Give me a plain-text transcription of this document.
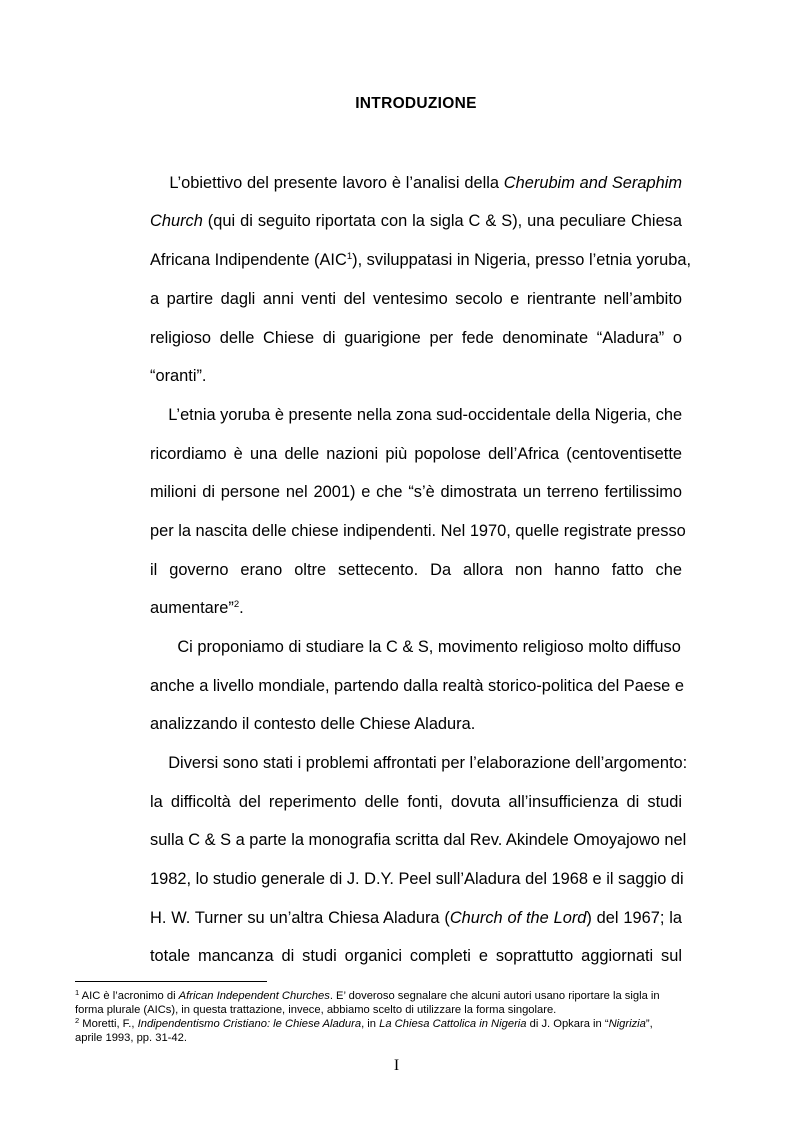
INTRODUZIONE
L’obiettivo del presente lavoro è l’analisi della Cherubim and Seraphim
Church (qui di seguito riportata con la sigla C & S), una peculiare Chiesa
Africana Indipendente (AIC$^1$), sviluppatasi in Nigeria, presso l’etnia yoruba,
a partire dagli anni venti del ventesimo secolo e rientrante nell’ambito
religioso delle Chiese di guarigione per fede denominate “Aladura” o
“oranti”.
L’etnia yoruba è presente nella zona sud-occidentale della Nigeria, che
ricordiamo è una delle nazioni più popolose dell’Africa (centoventisette
milioni di persone nel 2001) e che “s’è dimostrata un terreno fertilissimo
per la nascita delle chiese indipendenti. Nel 1970, quelle registrate presso
il governo erano oltre settecento. Da allora non hanno fatto che
aumentare”$^2$.
Ci proponiamo di studiare la C & S, movimento religioso molto diffuso
anche a livello mondiale, partendo dalla realtà storico-politica del Paese e
analizzando il contesto delle Chiese Aladura.
Diversi sono stati i problemi affrontati per l’elaborazione dell’argomento:
la difficoltà del reperimento delle fonti, dovuta all’insufficienza di studi
sulla C & S a parte la monografia scritta dal Rev. Akindele Omoyajowo nel
1982, lo studio generale di J. D.Y. Peel sull’Aladura del 1968 e il saggio di
H. W. Turner su un’altra Chiesa Aladura (Church of the Lord) del 1967; la
totale mancanza di studi organici completi e soprattutto aggiornati sul
$^1$ AIC è l’acronimo di African Independent Churches. E’ doveroso segnalare che alcuni autori usano riportare la sigla in
forma plurale (AICs), in questa trattazione, invece, abbiamo scelto di utilizzare la forma singolare.
$^2$ Moretti, F., Indipendentismo Cristiano: le Chiese Aladura, in La Chiesa Cattolica in Nigeria di J. Opkara in “Nigrizia”,
aprile 1993, pp. 31-42.
I
